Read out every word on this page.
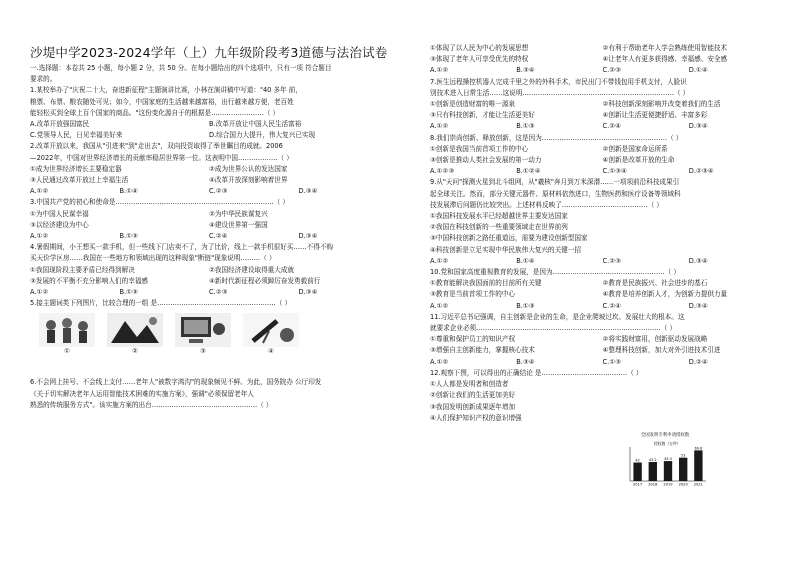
沙堤中学2023-2024学年（上）九年级阶段考3道德与法治试卷

一.选择题：本卷共 25 小题，每小题 2 分，共 50 分。在每小题给出的四个选项中，只有一项 符合题目

要求的。

1.某校举办了"庆祝二十大，奋进新征程"主题演讲比赛，小林在演讲稿中写道："40 多年 前，

粮票、布票、粮农随处可见；如今，中国家庭的生活越来越富裕，出行越来越方便，老百姓

能轻松买到全球上百个国家的商品。"这份变化源自于的根据是……………………（ ）

A.改革开放强国富民	B.改革开放让中国人民生活富裕
C.党领导人民，日见幸福美好来	D.综合国力大提升，伟大复兴已实现

2.改革开放以来，我国从"引进来"到"走出去"，双向投资取得了举世瞩目的成就。2006

—2022年，中国对世界经济增长的贡献率稳居世界第一位。这表明中国………………（ ）

①成为世界经济增长主要稳定器	②成为世界公认的发达国家
③人民通过改革开放过上幸福生活	④改革开放深刻影响着世界
A.①②	B.①④	C.②③	D.③④

3.中国共产党的初心和使命是………………………………………………………………（ ）

①为中国人民谋幸福	②为中华民族谋复兴
③以经济建设为中心	④建设世界第一强国
A.①②	B.①③	C.②④	D.③④

4.暑假期间，小王想买一款手机，但一些线下门店卖不了，为了比价，线上一款手机很好买……不得不购

买天价学区房……我国在一些地方和领域出现的这种现象"断链"现象说明………（ ）

①我国现阶段主要矛盾已经得到解决	②我国经济建设取得重大成就
③发展的不平衡不充分影响人们的幸福感	④新时代新征程必须踔厉奋发勇毅前行
A.①②	B.①③	C.②③	D.③④

5.接主题词类下列图片，比较合理的一组 是………………………………………………（ ）

①	②	③	④

6.不会网上挂号、不会线上支付……老年人"被数字鸿沟"的现象频见不鲜。为此，国务院办 公厅印发

《关于切实解决老年人运用智能技术困难的实施方案》，强调"必须保留老年人

熟悉的传统服务方式"。该实施方案的出台…………………………………………（ ）

①体现了以人民为中心的发展思想	②有利于帮助老年人学会熟练使用智能技术
③体现了老年人可享受优先的特权	④让老年人有更多获得感、幸福感、安全感
A.①②	B.③④	C.②③	D.①④

7.医生远程操控机器人完成千里之外的外科手术，市民出门不带钱包用手机支付，人脸识

别技术进入日常生活……这说明……………………………………………………………（ ）

①创新是创造财富的唯一源泉	②科技创新深刻影响并改变着我们的生活
③只有科技创新，才能让生活更美好	④创新让生活更便捷舒适、丰富多彩
A.①②	B.①③	C.②④	D.③④

8.我们崇尚创新、释放创新，这是因为…………………………………………………（ ）

①创新是我国当前首项工作的中心	②创新是国家命运所系
③创新是推动人类社会发展的第一动力	④创新是改革开放的生命
A.①②③	B.①②④	C.①③④	D.②③④

9.从"天问"探测火星到北斗组网，从"羲核"奔月到万米深潜……一项项前沿科技成果引

起全球关注。然而，部分关键元器件、原材料依然进口，生物医药和医疗设备等领域科

技发展滞后问题仍比较突出。上述材料反映了…………………………………（ ）

①我国科技发展水平已经超越世界主要发达国家

②我国在科技创新的一些重要领域走在世界前列

③中国科技创新之路任重道远，需要为建设创新型国家

④科技创新是立足实现中华民族伟大复兴的关键一招

A.①②	B.①④	C.②③	D.③④

10.党和国家高度重视教育的发展，是因为……………………………………………（ ）

①教育能解决我国面前的目前所有关键	②教育是民族振兴、社会进步的基石
③教育是当前首项工作的中心	④教育是培养创新人才，为创新力提供力量
A.①②	B.①③	C.②④	D.③④

11.习近平总书记强调，自主创新是企业的生命，是企业爬坡过坎、发展壮大的根本。这

就要求企业必须…………………………………………………………………………（ ）

①尊重和保护员工的知识产权	②将实践财富用，创新驱动发展战略
③增强自主创新能力，掌握核心技术	④整理科技创新，加大对外引进技术引进
A.①②	B.③④	C.①③	D.②④

12.观察下图，可以得出的正确结论 是…………………………………（ ）

①人人都是发明者和创造者

②创新让我们的生活更加美好

③我国发明创新成果逐年增加

④人们保护知识产权的意识增强

全国发明专利申请授权数
授权数（万件）
42
2017
43.2
2018
45.3
2019
53
2020
69.6
2021
